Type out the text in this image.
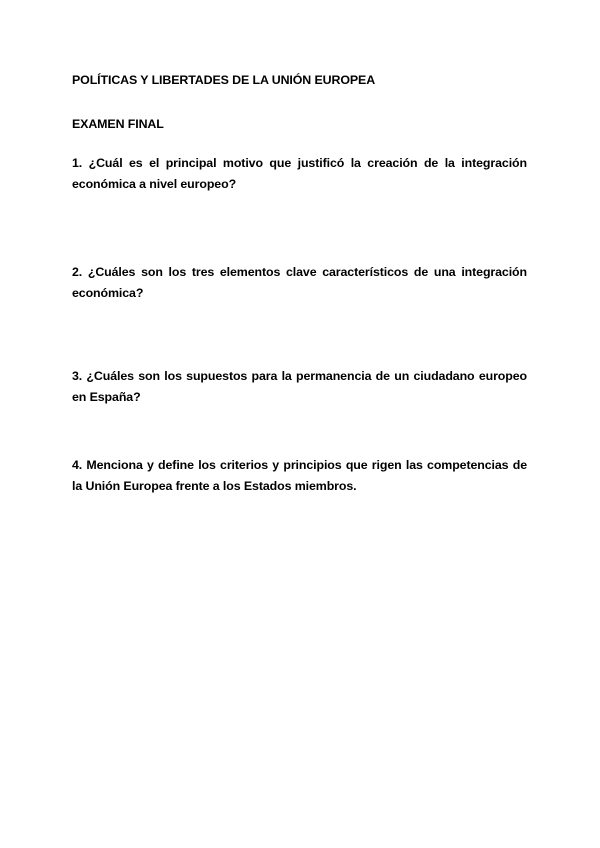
POLÍTICAS Y LIBERTADES DE LA UNIÓN EUROPEA

EXAMEN FINAL

1. ¿Cuál es el principal motivo que justificó la creación de la integración económica a nivel europeo?

2. ¿Cuáles son los tres elementos clave característicos de una integración económica?

3. ¿Cuáles son los supuestos para la permanencia de un ciudadano europeo en España?

4. Menciona y define los criterios y principios que rigen las competencias de la Unión Europea frente a los Estados miembros.
